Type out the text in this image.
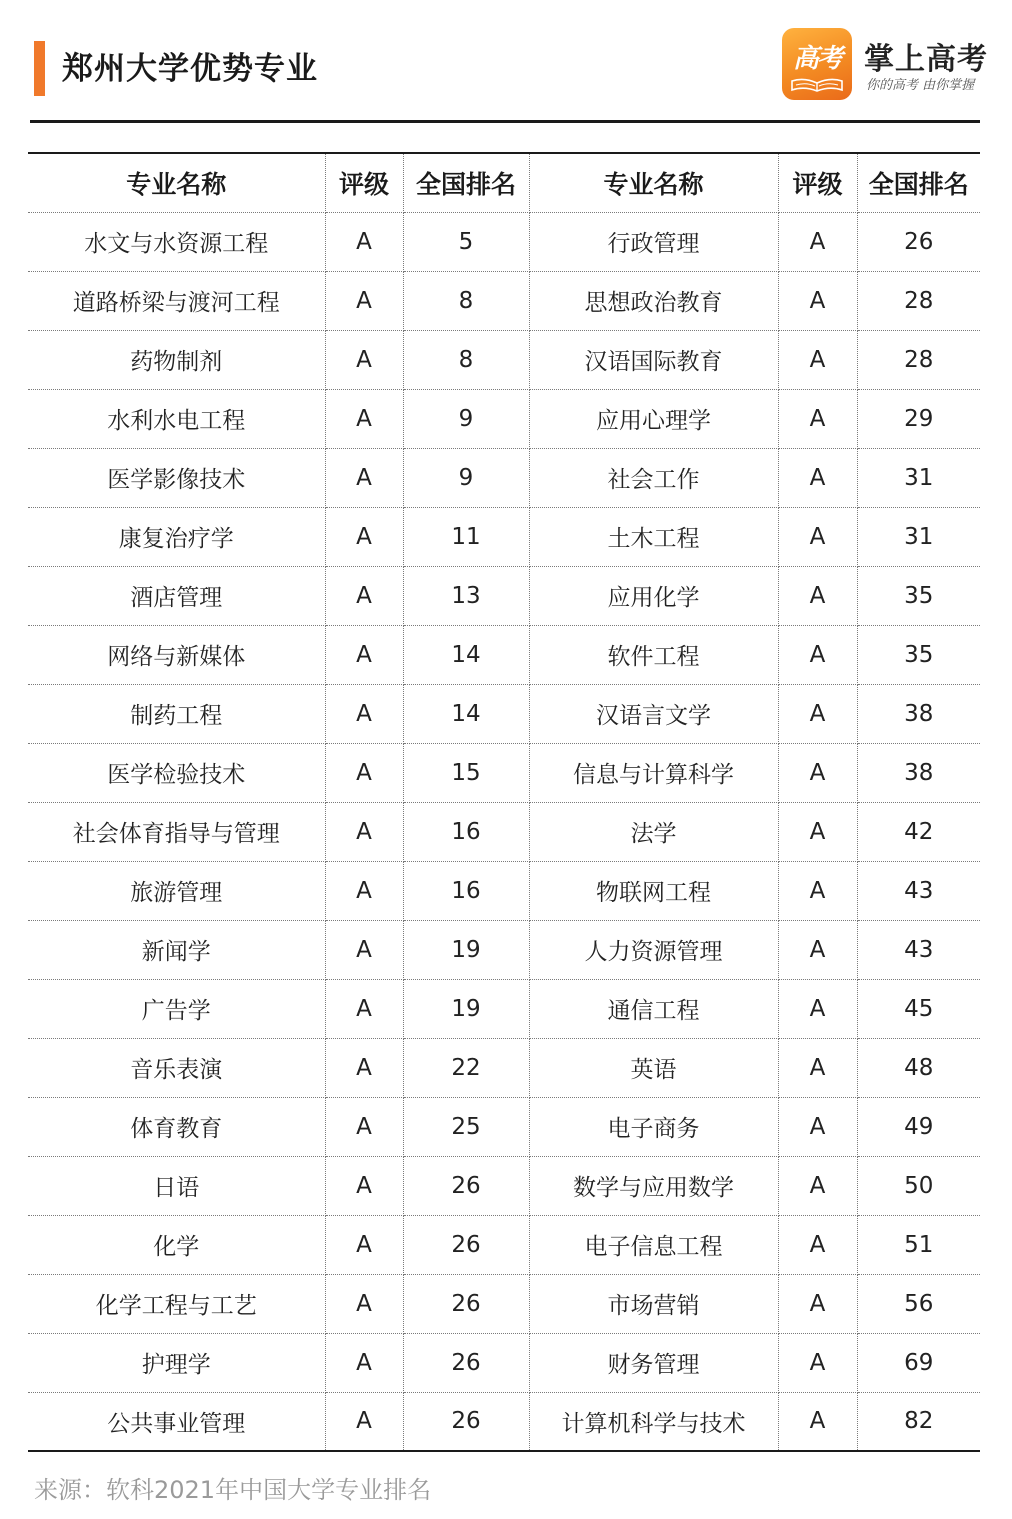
郑州大学优势专业	高考 掌上高考
你的高考 由你掌握
专业名称	评级	全国排名	专业名称	评级	全国排名
水文与水资源工程	A	5	行政管理	A	26
道路桥梁与渡河工程	A	8	思想政治教育	A	28
药物制剂	A	8	汉语国际教育	A	28
水利水电工程	A	9	应用心理学	A	29
医学影像技术	A	9	社会工作	A	31
康复治疗学	A	11	土木工程	A	31
酒店管理	A	13	应用化学	A	35
网络与新媒体	A	14	软件工程	A	35
制药工程	A	14	汉语言文学	A	38
医学检验技术	A	15	信息与计算科学	A	38
社会体育指导与管理	A	16	法学	A	42
旅游管理	A	16	物联网工程	A	43
新闻学	A	19	人力资源管理	A	43
广告学	A	19	通信工程	A	45
音乐表演	A	22	英语	A	48
体育教育	A	25	电子商务	A	49
日语	A	26	数学与应用数学	A	50
化学	A	26	电子信息工程	A	51
化学工程与工艺	A	26	市场营销	A	56
护理学	A	26	财务管理	A	69
公共事业管理	A	26	计算机科学与技术	A	82
来源：软科2021年中国大学专业排名
